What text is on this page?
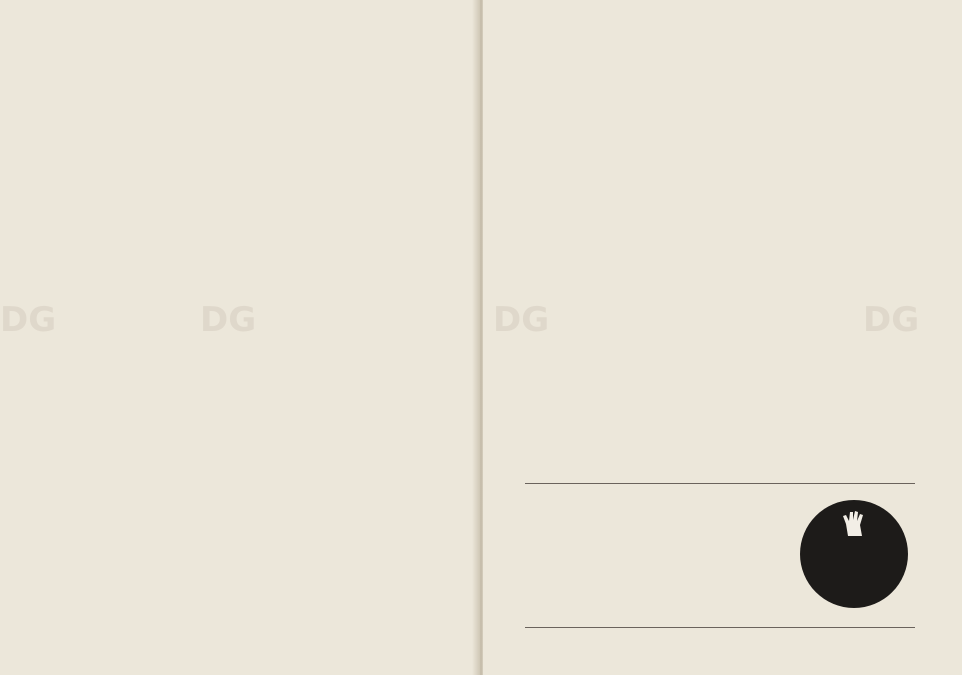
DG	DG	DG	DG
